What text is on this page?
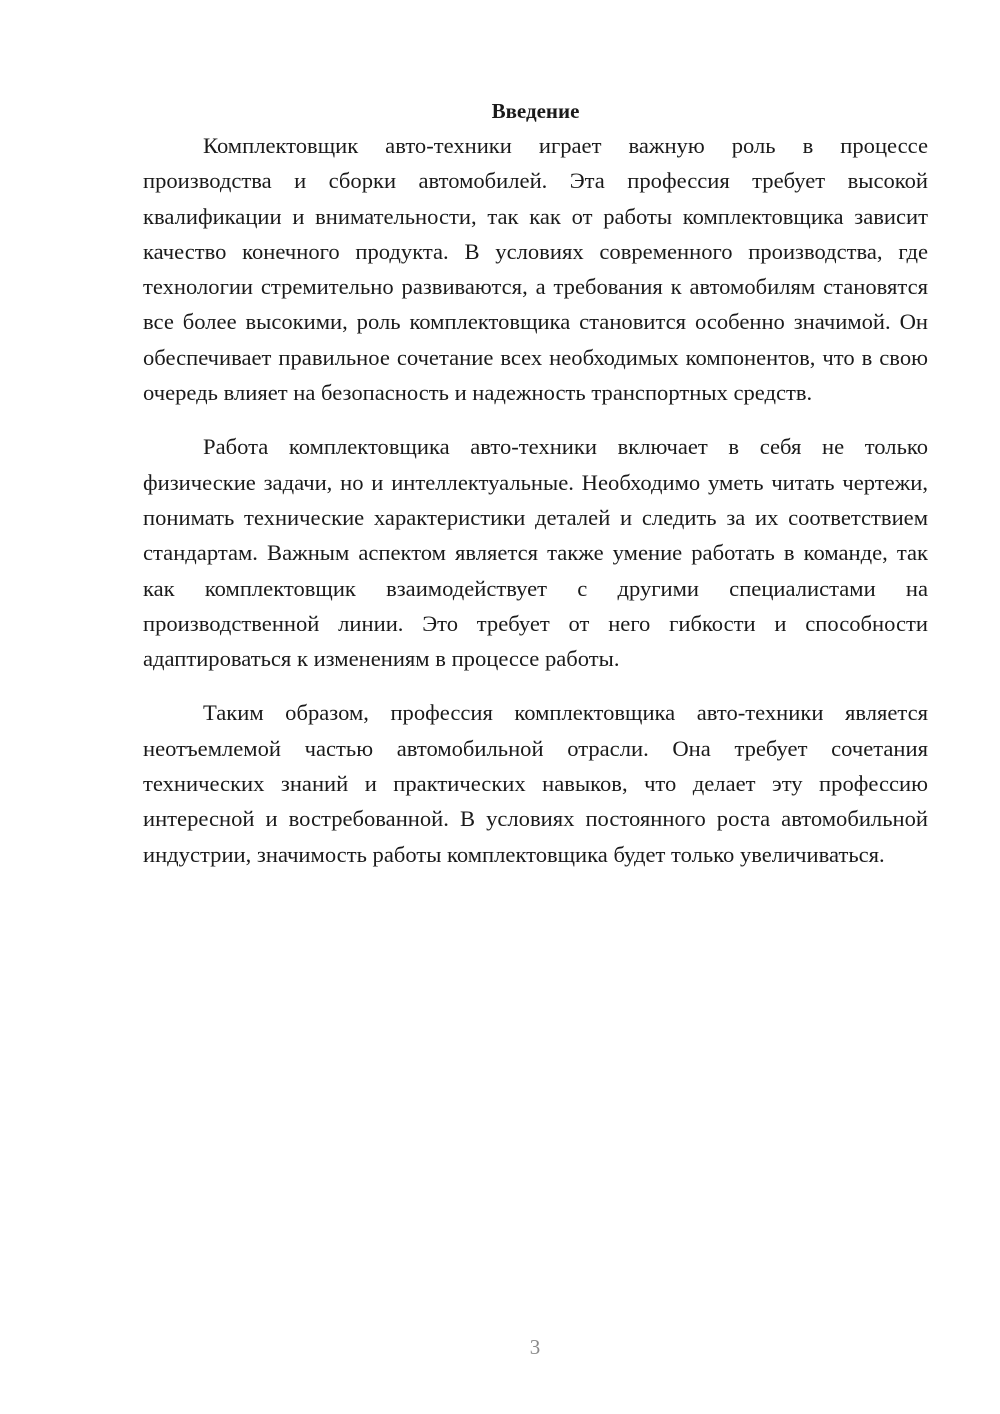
Введение

Комплектовщик авто-техники играет важную роль в процессе производства и сборки автомобилей. Эта профессия требует высокой квалификации и внимательности, так как от работы комплектовщика зависит качество конечного продукта. В условиях современного производства, где технологии стремительно развиваются, а требования к автомобилям становятся все более высокими, роль комплектовщика становится особенно значимой. Он обеспечивает правильное сочетание всех необходимых компонентов, что в свою очередь влияет на безопасность и надежность транспортных средств.

Работа комплектовщика авто-техники включает в себя не только физические задачи, но и интеллектуальные. Необходимо уметь читать чертежи, понимать технические характеристики деталей и следить за их соответствием стандартам. Важным аспектом является также умение работать в команде, так как комплектовщик взаимодействует с другими специалистами на производственной линии. Это требует от него гибкости и способности адаптироваться к изменениям в процессе работы.

Таким образом, профессия комплектовщика авто-техники является неотъемлемой частью автомобильной отрасли. Она требует сочетания технических знаний и практических навыков, что делает эту профессию интересной и востребованной. В условиях постоянного роста автомобильной индустрии, значимость работы комплектовщика будет только увеличиваться.

3
